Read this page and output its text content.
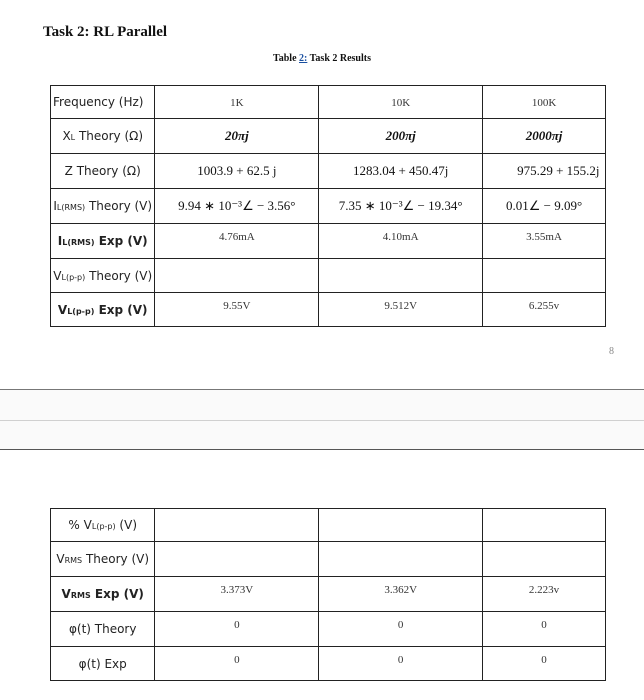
Task 2: RL Parallel
Table 2: Task 2 Results
Frequency (Hz)	1K	10K	100K
XL Theory (Ω)	20πj	200πj	2000πj
Z Theory (Ω)	1003.9 + 62.5 j	1283.04 + 450.47j	975.29 + 155.2j
IL(RMS) Theory (V)	9.94 ∗ 10⁻³∠ − 3.56°	7.35 ∗ 10⁻³∠ − 19.34°	0.01∠ − 9.09°
IL(RMS) Exp (V)	4.76mA	4.10mA	3.55mA
VL(p-p) Theory (V)			
VL(p-p) Exp (V)	9.55V	9.512V	6.255v
8
% VL(p-p) (V)			
VRMS Theory (V)			
VRMS Exp (V)	3.373V	3.362V	2.223v
φ(t) Theory	0	0	0
φ(t) Exp	0	0	0
